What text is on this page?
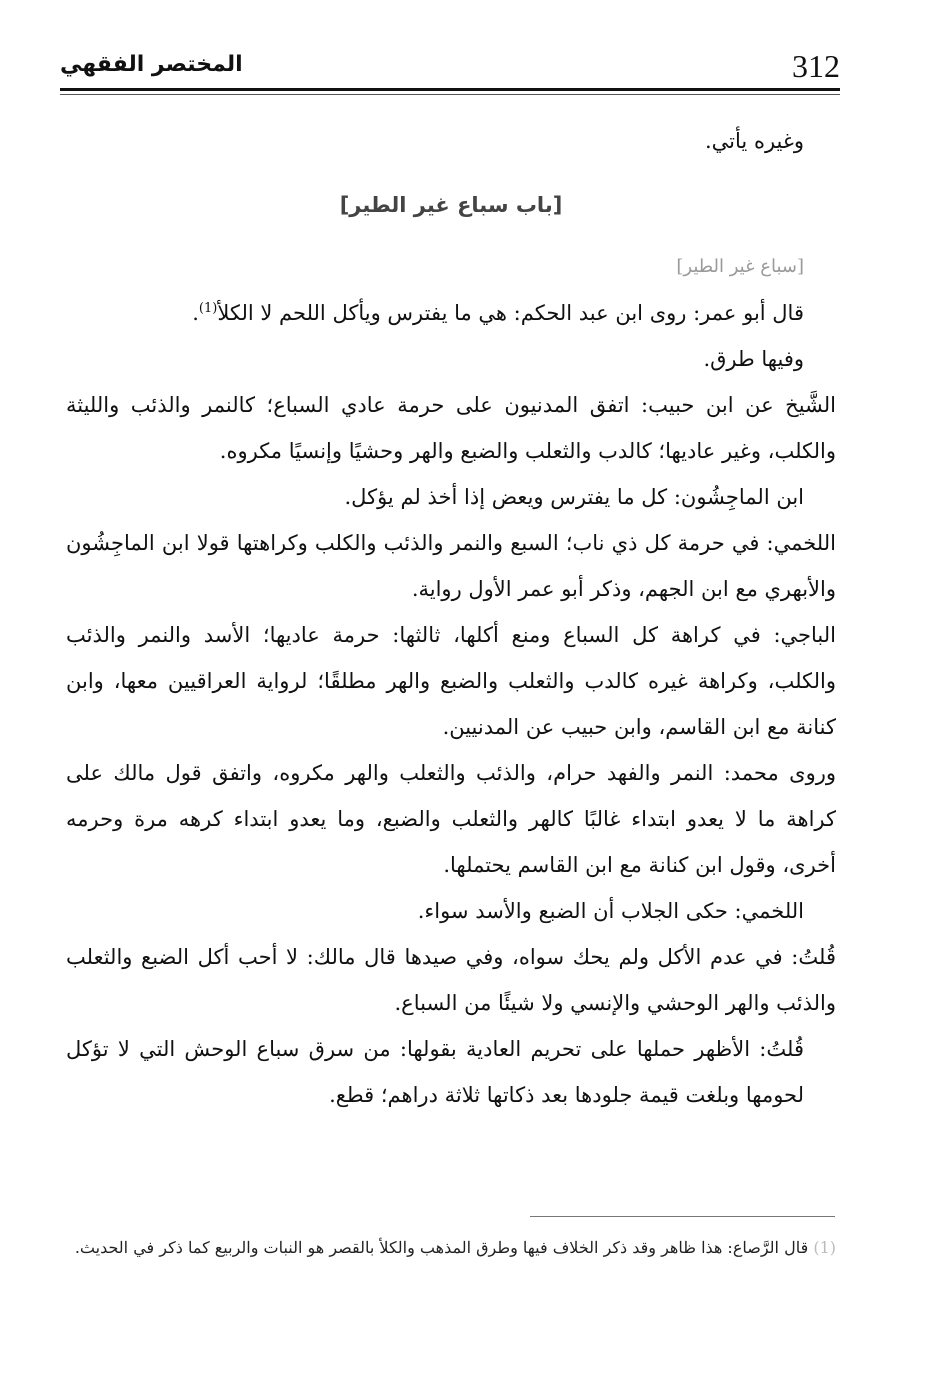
312
المختصر الفقهي

وغيره يأتي.

[باب سباع غير الطير]

[سباع غير الطير]

قال أبو عمر: روى ابن عبد الحكم: هي ما يفترس ويأكل اللحم لا الكلأ$^{(1)}$.

وفيها طرق.

الشَّيخ عن ابن حبيب: اتفق المدنيون على حرمة عادي السباع؛ كالنمر والذئب والليثة والكلب، وغير عاديها؛ كالدب والثعلب والضبع والهر وحشيًا وإنسيًا مكروه.

ابن الماجِشُون: كل ما يفترس ويعض إذا أخذ لم يؤكل.

اللخمي: في حرمة كل ذي ناب؛ السبع والنمر والذئب والكلب وكراهتها قولا ابن الماجِشُون والأبهري مع ابن الجهم، وذكر أبو عمر الأول رواية.

الباجي: في كراهة كل السباع ومنع أكلها، ثالثها: حرمة عاديها؛ الأسد والنمر والذئب والكلب، وكراهة غيره كالدب والثعلب والضبع والهر مطلقًا؛ لرواية العراقيين معها، وابن كنانة مع ابن القاسم، وابن حبيب عن المدنيين.

وروى محمد: النمر والفهد حرام، والذئب والثعلب والهر مكروه، واتفق قول مالك على كراهة ما لا يعدو ابتداء غالبًا كالهر والثعلب والضبع، وما يعدو ابتداء كرهه مرة وحرمه أخرى، وقول ابن كنانة مع ابن القاسم يحتملها.

اللخمي: حكى الجلاب أن الضبع والأسد سواء.

قُلتُ: في عدم الأكل ولم يحك سواه، وفي صيدها قال مالك: لا أحب أكل الضبع والثعلب والذئب والهر الوحشي والإنسي ولا شيئًا من السباع.

قُلتُ: الأظهر حملها على تحريم العادية بقولها: من سرق سباع الوحش التي لا تؤكل لحومها وبلغت قيمة جلودها بعد ذكاتها ثلاثة دراهم؛ قطع.

(1) قال الرَّصاع: هذا ظاهر وقد ذكر الخلاف فيها وطرق المذهب والكلأ بالقصر هو النبات والربيع كما ذكر في الحديث.
